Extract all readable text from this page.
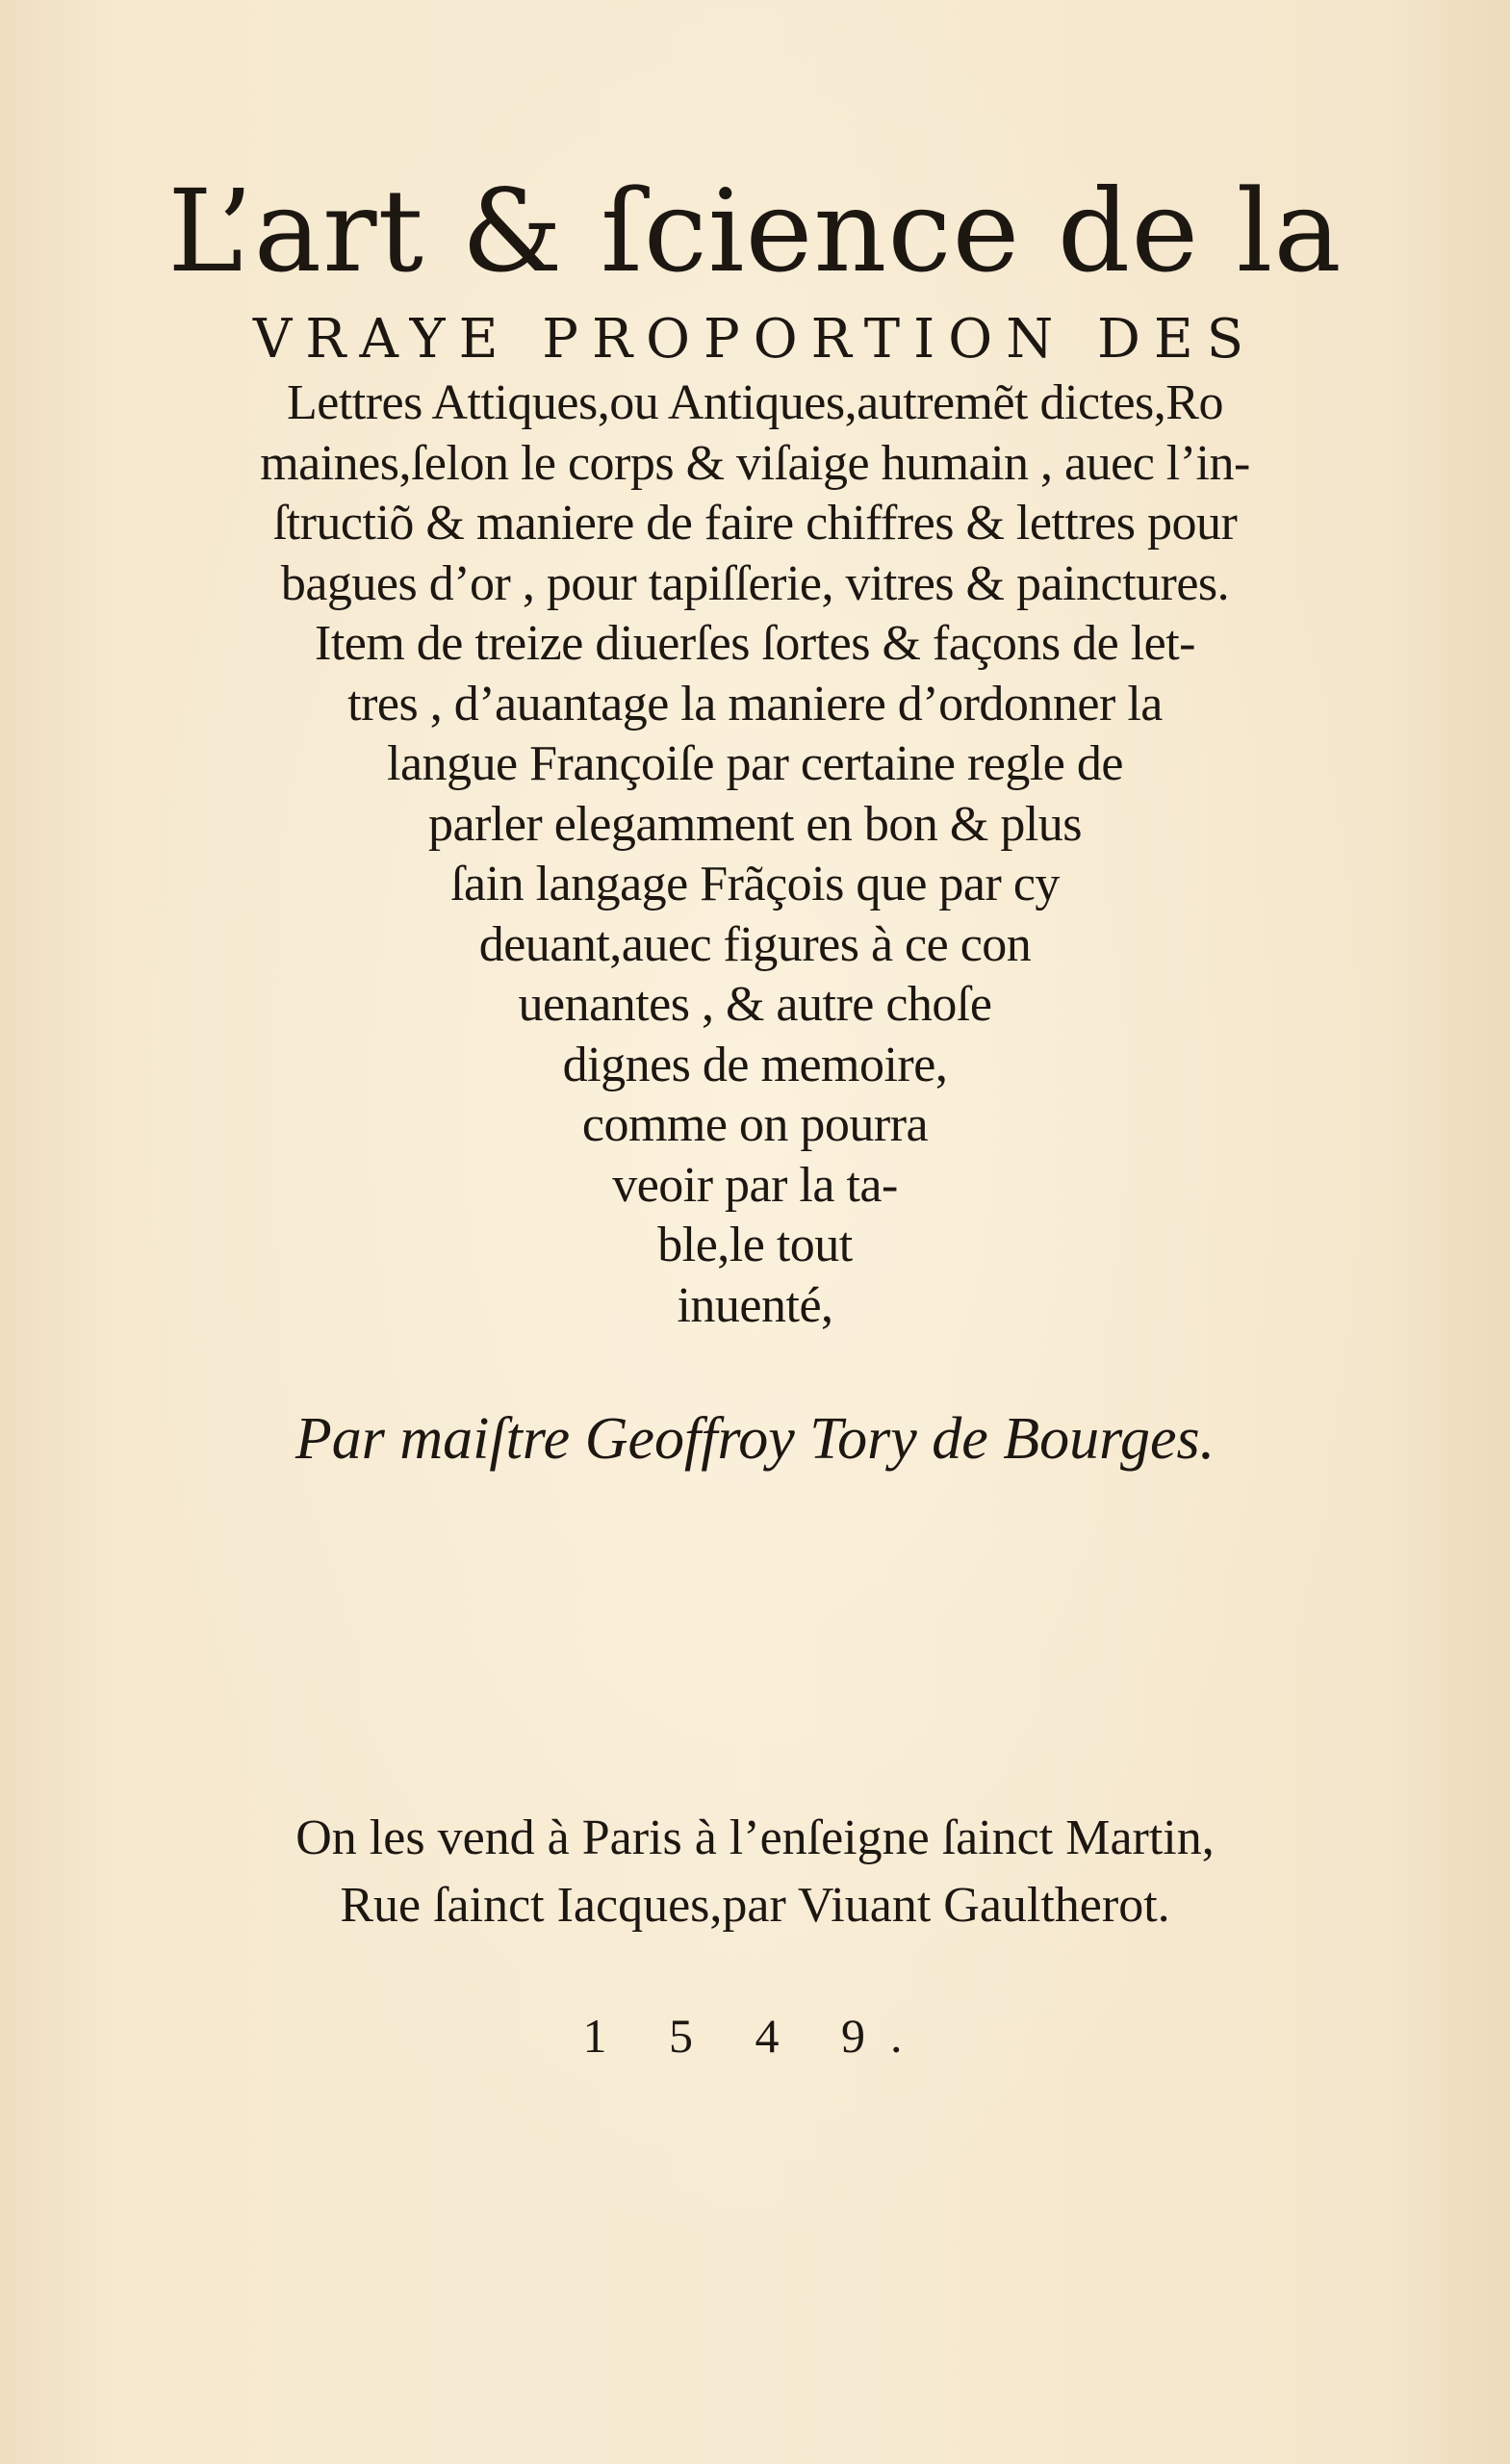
L’art & ſcience de la
VRAYE PROPORTION DES
Lettres Attiques,ou Antiques,autremẽt dictes,Ro
maines,ſelon le corps & viſaige humain , auec l’in-
ſtructiõ & maniere de faire chiffres & lettres pour
bagues d’or , pour tapiſſerie, vitres & painctures.
Item de treize diuerſes ſortes & façons de let-
tres , d’auantage la maniere d’ordonner la
langue Françoiſe par certaine regle de
parler elegamment en bon & plus
ſain langage Frãçois que par cy
deuant,auec figures à ce con
uenantes , & autre choſe
dignes de memoire,
comme on pourra
veoir par la ta-
ble,le tout
inuenté,
Par maiſtre Geoffroy Tory de Bourges.
On les vend à Paris à l’enſeigne ſainct Martin,
Rue ſainct Iacques,par Viuant Gaultherot.
1 5 4 9.
